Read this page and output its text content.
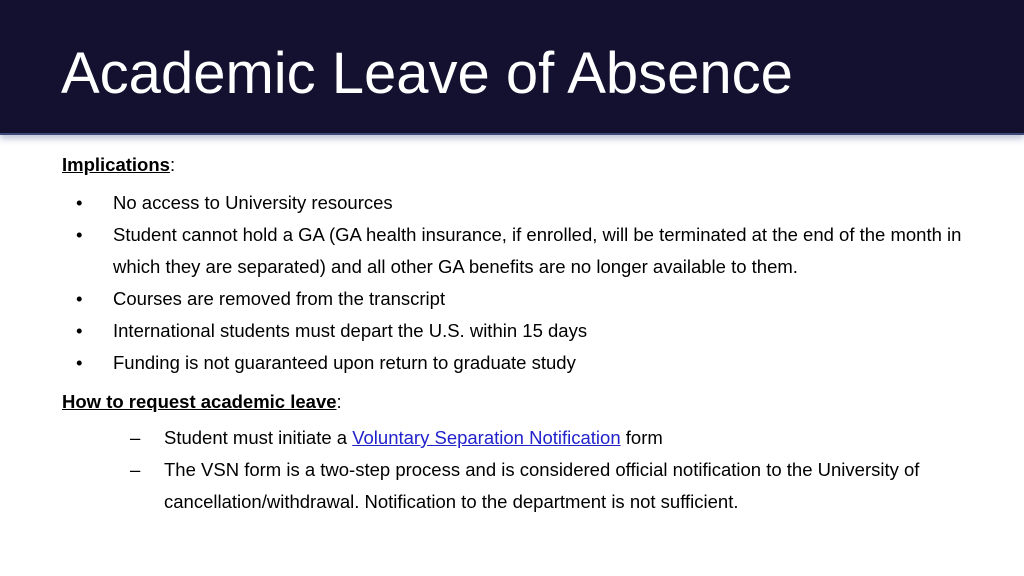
Academic Leave of Absence
Implications:
• No access to University resources
• Student cannot hold a GA (GA health insurance, if enrolled, will be terminated at the end of the month in which they are separated) and all other GA benefits are no longer available to them.
• Courses are removed from the transcript
• International students must depart the U.S. within 15 days
• Funding is not guaranteed upon return to graduate study
How to request academic leave:
– Student must initiate a Voluntary Separation Notification form
– The VSN form is a two-step process and is considered official notification to the University of cancellation/withdrawal. Notification to the department is not sufficient.
